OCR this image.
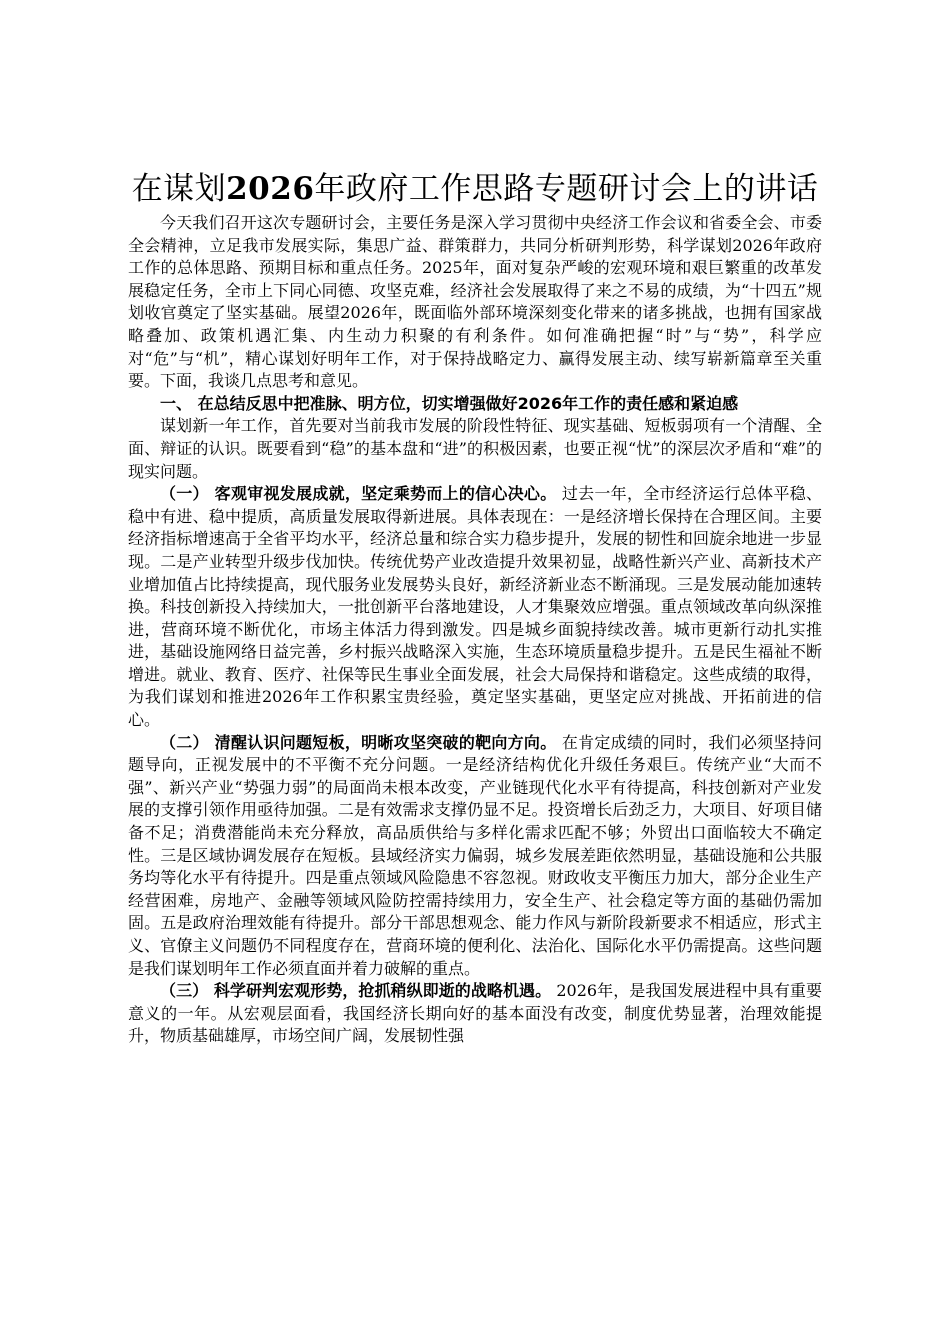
在谋划2026年政府工作思路专题研讨会上的讲话

今天我们召开这次专题研讨会，主要任务是深入学习贯彻中央经济工作会议和省委全会、市委全会精神，立足我市发展实际，集思广益、群策群力，共同分析研判形势，科学谋划2026年政府工作的总体思路、预期目标和重点任务。2025年，面对复杂严峻的宏观环境和艰巨繁重的改革发展稳定任务，全市上下同心同德、攻坚克难，经济社会发展取得了来之不易的成绩，为“十四五”规划收官奠定了坚实基础。展望2026年，既面临外部环境深刻变化带来的诸多挑战，也拥有国家战略叠加、政策机遇汇集、内生动力积聚的有利条件。如何准确把握“时”与“势”，科学应对“危”与“机”，精心谋划好明年工作，对于保持战略定力、赢得发展主动、续写崭新篇章至关重要。下面，我谈几点思考和意见。

一、 在总结反思中把准脉、明方位，切实增强做好2026年工作的责任感和紧迫感

谋划新一年工作，首先要对当前我市发展的阶段性特征、现实基础、短板弱项有一个清醒、全面、辩证的认识。既要看到“稳”的基本盘和“进”的积极因素，也要正视“忧”的深层次矛盾和“难”的现实问题。

（一） 客观审视发展成就，坚定乘势而上的信心决心。 过去一年，全市经济运行总体平稳、稳中有进、稳中提质，高质量发展取得新进展。具体表现在：一是经济增长保持在合理区间。主要经济指标增速高于全省平均水平，经济总量和综合实力稳步提升，发展的韧性和回旋余地进一步显现。二是产业转型升级步伐加快。传统优势产业改造提升效果初显，战略性新兴产业、高新技术产业增加值占比持续提高，现代服务业发展势头良好，新经济新业态不断涌现。三是发展动能加速转换。科技创新投入持续加大，一批创新平台落地建设，人才集聚效应增强。重点领域改革向纵深推进，营商环境不断优化，市场主体活力得到激发。四是城乡面貌持续改善。城市更新行动扎实推进，基础设施网络日益完善，乡村振兴战略深入实施，生态环境质量稳步提升。五是民生福祉不断增进。就业、教育、医疗、社保等民生事业全面发展，社会大局保持和谐稳定。这些成绩的取得，为我们谋划和推进2026年工作积累宝贵经验，奠定坚实基础，更坚定应对挑战、开拓前进的信心。

（二） 清醒认识问题短板，明晰攻坚突破的靶向方向。 在肯定成绩的同时，我们必须坚持问题导向，正视发展中的不平衡不充分问题。一是经济结构优化升级任务艰巨。传统产业“大而不强”、新兴产业“势强力弱”的局面尚未根本改变，产业链现代化水平有待提高，科技创新对产业发展的支撑引领作用亟待加强。二是有效需求支撑仍显不足。投资增长后劲乏力，大项目、好项目储备不足；消费潜能尚未充分释放，高品质供给与多样化需求匹配不够；外贸出口面临较大不确定性。三是区域协调发展存在短板。县域经济实力偏弱，城乡发展差距依然明显，基础设施和公共服务均等化水平有待提升。四是重点领域风险隐患不容忽视。财政收支平衡压力加大，部分企业生产经营困难，房地产、金融等领域风险防控需持续用力，安全生产、社会稳定等方面的基础仍需加固。五是政府治理效能有待提升。部分干部思想观念、能力作风与新阶段新要求不相适应，形式主义、官僚主义问题仍不同程度存在，营商环境的便利化、法治化、国际化水平仍需提高。这些问题是我们谋划明年工作必须直面并着力破解的重点。

（三） 科学研判宏观形势，抢抓稍纵即逝的战略机遇。 2026年，是我国发展进程中具有重要意义的一年。从宏观层面看，我国经济长期向好的基本面没有改变，制度优势显著，治理效能提升，物质基础雄厚，市场空间广阔，发展韧性强
